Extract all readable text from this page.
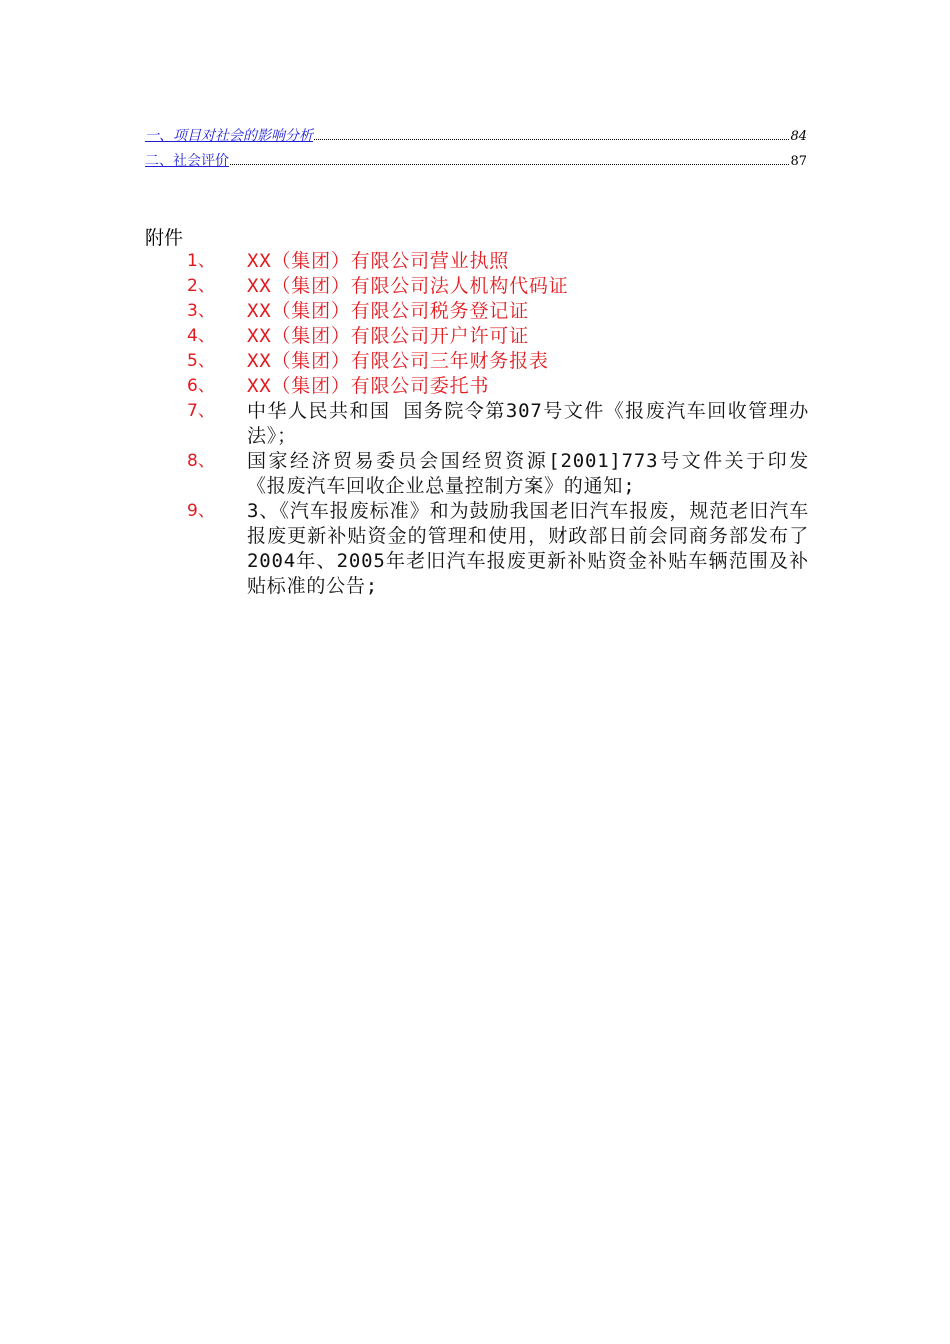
一、项目对社会的影响分析	84
二、社会评价	87
附件
1、	XX（集团）有限公司营业执照
2、	XX（集团）有限公司法人机构代码证
3、	XX（集团）有限公司税务登记证
4、	XX（集团）有限公司开户许可证
5、	XX（集团）有限公司三年财务报表
6、	XX（集团）有限公司委托书
7、	中华人民共和国 国务院令第307号文件《报废汽车回收管理办法》；
8、	国家经济贸易委员会国经贸资源[2001]773号文件关于印发《报废汽车回收企业总量控制方案》的通知;
9、	3、《汽车报废标准》和为鼓励我国老旧汽车报废，规范老旧汽车报废更新补贴资金的管理和使用，财政部日前会同商务部发布了2004年、2005年老旧汽车报废更新补贴资金补贴车辆范围及补贴标准的公告;
